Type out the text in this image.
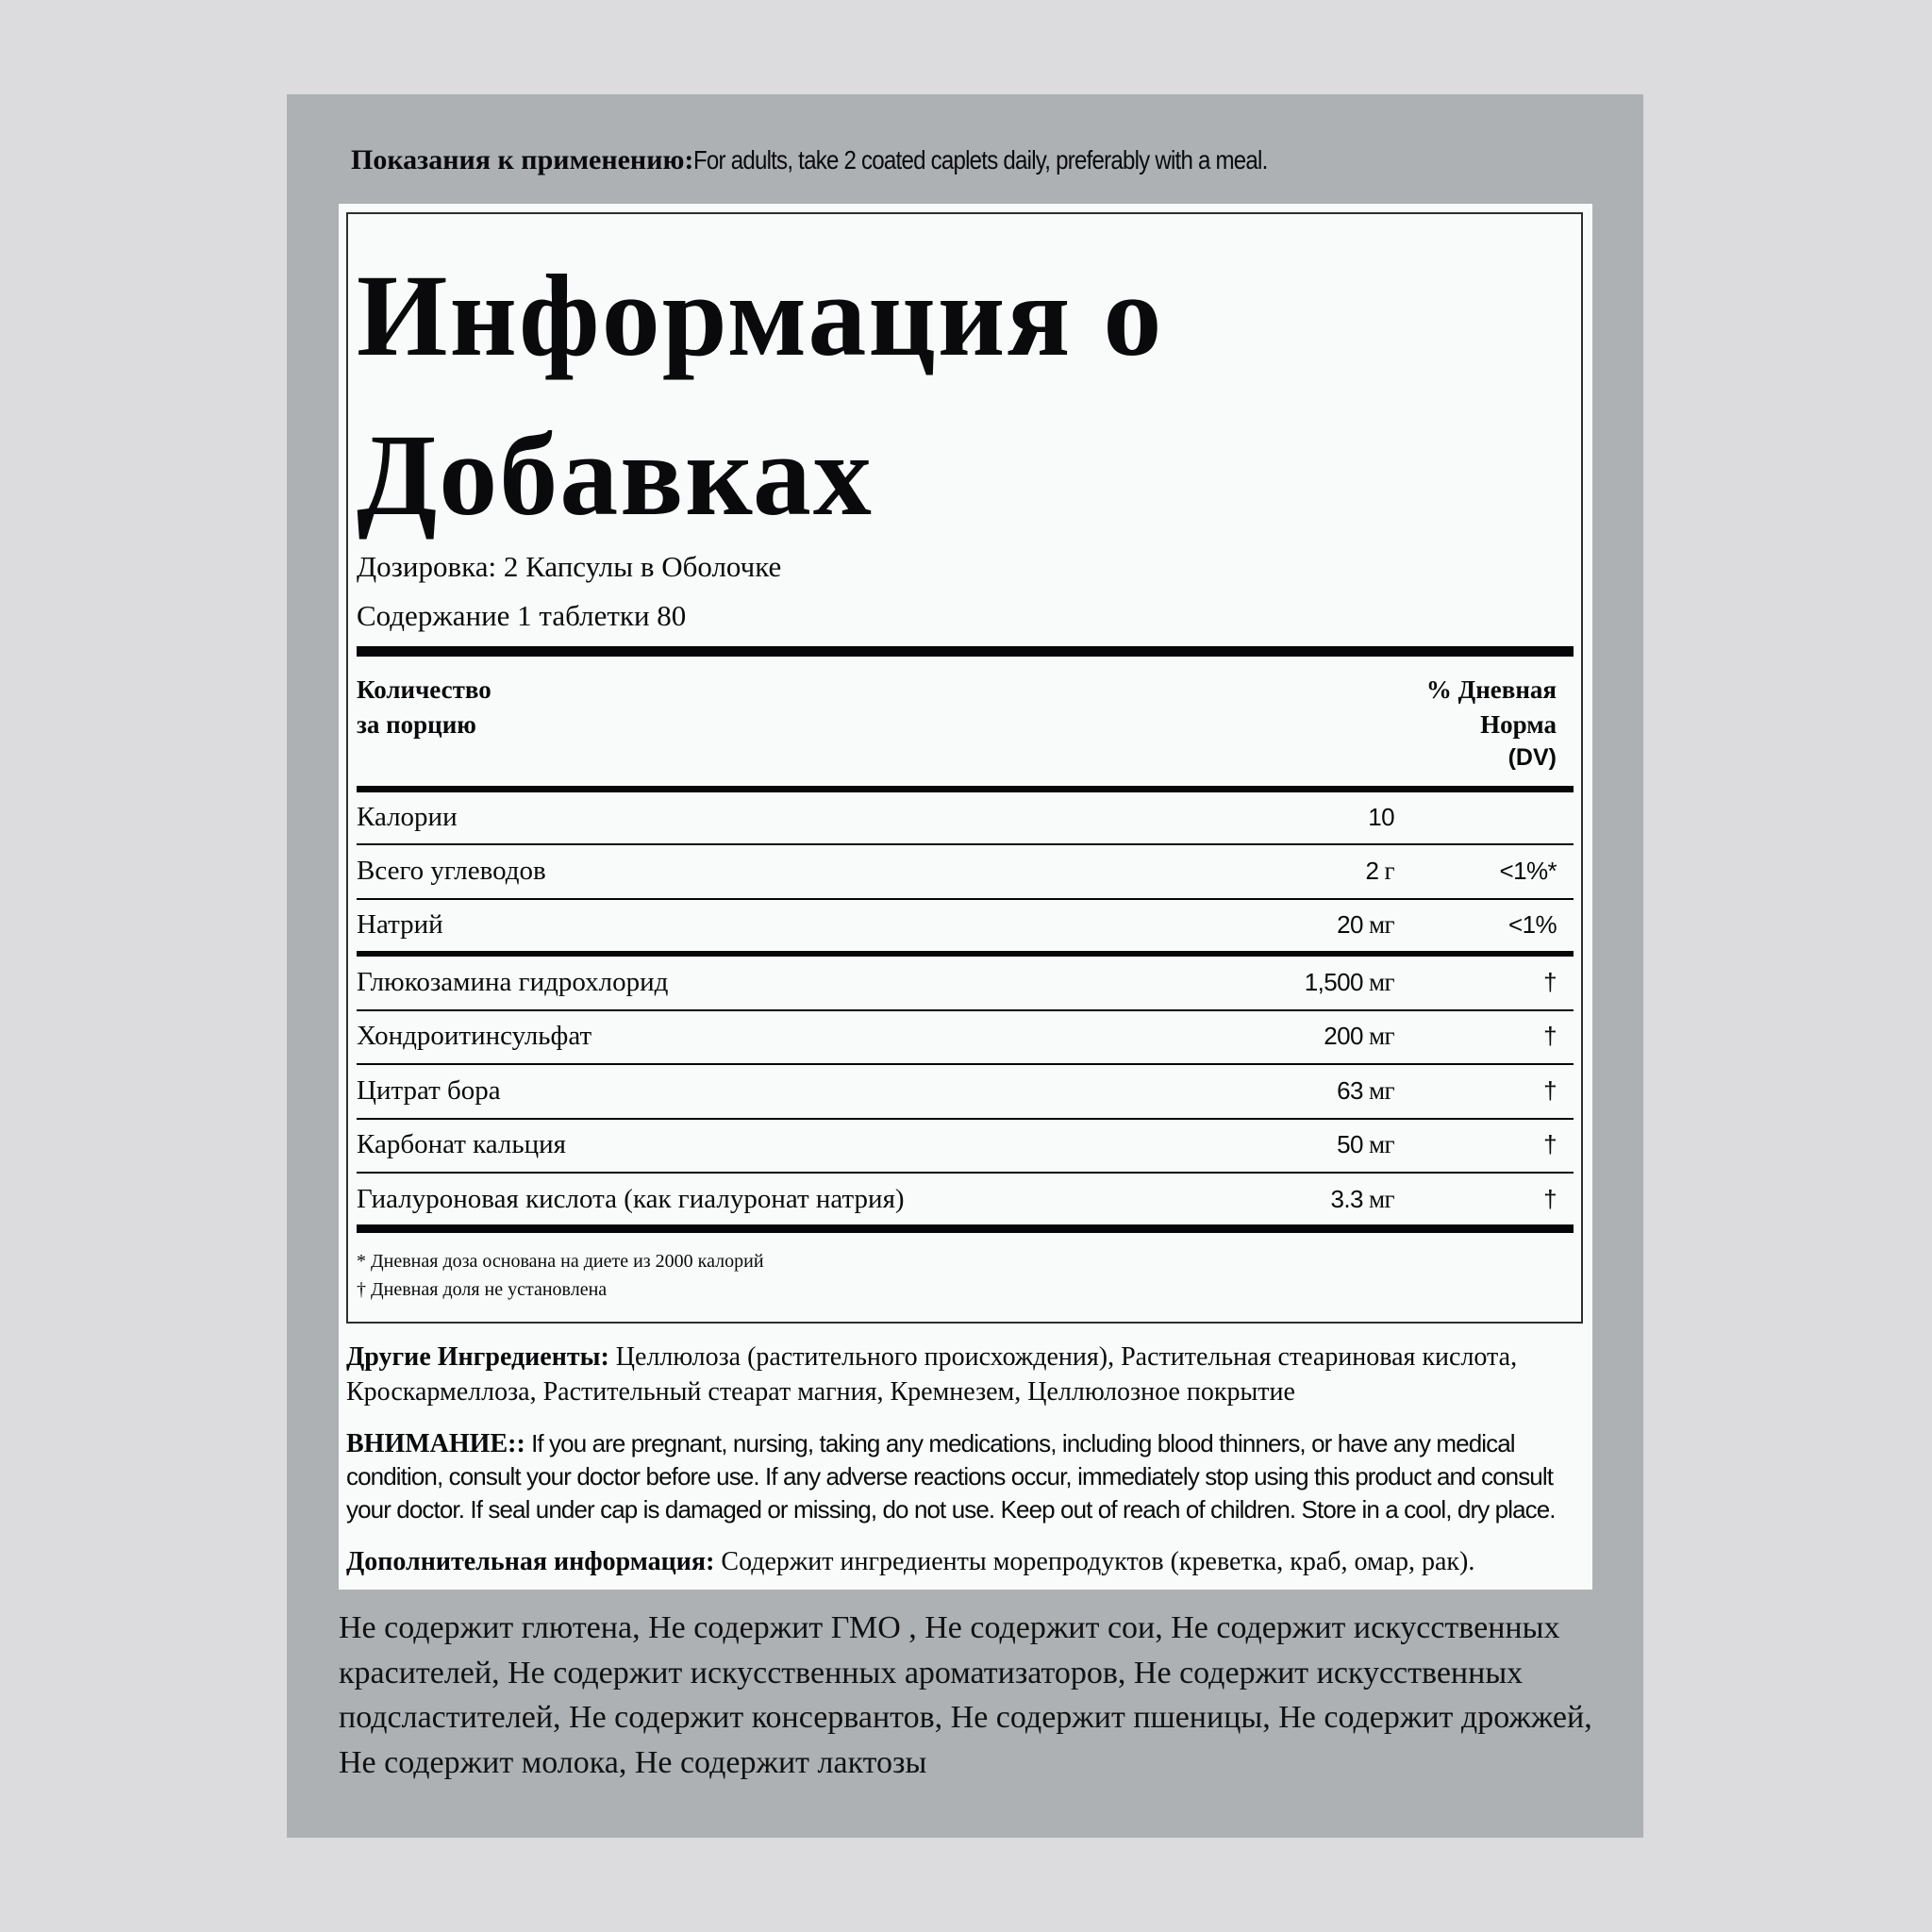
Показания к применению:For adults, take 2 coated caplets daily, preferably with a meal.
Информация о
Добавках
Дозировка: 2 Капсулы в Оболочке
Содержание 1 таблетки 80
Количество
за порцию
% Дневная
Норма
(DV)
Калории	10
Всего углеводов	2 г	<1%*
Натрий	20 мг	<1%
Глюкозамина гидрохлорид	1,500 мг	†
Хондроитинсульфат	200 мг	†
Цитрат бора	63 мг	†
Карбонат кальция	50 мг	†
Гиалуроновая кислота (как гиалуронат натрия)	3.3 мг	†
* Дневная доза основана на диете из 2000 калорий
† Дневная доля не установлена
Другие Ингредиенты: Целлюлоза (растительного происхождения), Растительная стеариновая кислота, Кроскармеллоза, Растительный стеарат магния, Кремнезем, Целлюлозное покрытие
ВНИМАНИЕ:: If you are pregnant, nursing, taking any medications, including blood thinners, or have any medical condition, consult your doctor before use. If any adverse reactions occur, immediately stop using this product and consult your doctor. If seal under cap is damaged or missing, do not use. Keep out of reach of children. Store in a cool, dry place.
Дополнительная информация: Содержит ингредиенты морепродуктов (креветка, краб, омар, рак).
Не содержит глютена, Не содержит ГМО , Не содержит сои, Не содержит искусственных красителей, Не содержит искусственных ароматизаторов, Не содержит искусственных подсластителей, Не содержит консервантов, Не содержит пшеницы, Не содержит дрожжей, Не содержит молока, Не содержит лактозы
